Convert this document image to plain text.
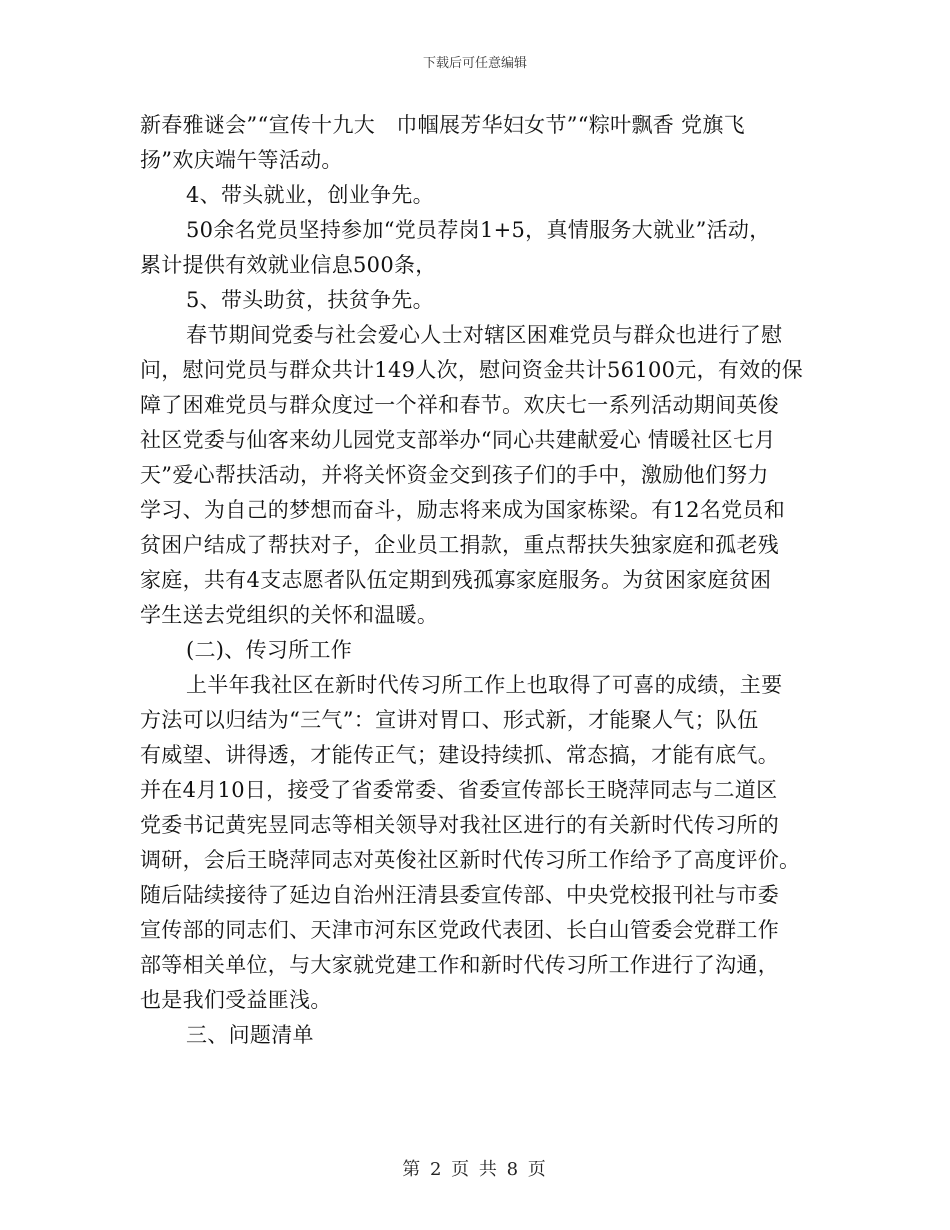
下载后可任意编辑
新春雅谜会”“宣传十九大　巾帼展芳华妇女节”“粽叶飘香 党旗飞
扬”欢庆端午等活动。
4、带头就业，创业争先。
50余名党员坚持参加“党员荐岗1+5，真情服务大就业”活动，
累计提供有效就业信息500条，
5、带头助贫，扶贫争先。
春节期间党委与社会爱心人士对辖区困难党员与群众也进行了慰
问，慰问党员与群众共计149人次，慰问资金共计56100元，有效的保
障了困难党员与群众度过一个祥和春节。欢庆七一系列活动期间英俊
社区党委与仙客来幼儿园党支部举办“同心共建献爱心 情暖社区七月
天”爱心帮扶活动，并将关怀资金交到孩子们的手中，激励他们努力
学习、为自己的梦想而奋斗，励志将来成为国家栋梁。有12名党员和
贫困户结成了帮扶对子，企业员工捐款，重点帮扶失独家庭和孤老残
家庭，共有4支志愿者队伍定期到残孤寡家庭服务。为贫困家庭贫困
学生送去党组织的关怀和温暖。
(二)、传习所工作
上半年我社区在新时代传习所工作上也取得了可喜的成绩，主要
方法可以归结为“三气”：宣讲对胃口、形式新，才能聚人气；队伍
有威望、讲得透，才能传正气；建设持续抓、常态搞，才能有底气。
并在4月10日，接受了省委常委、省委宣传部长王晓萍同志与二道区
党委书记黄宪昱同志等相关领导对我社区进行的有关新时代传习所的
调研，会后王晓萍同志对英俊社区新时代传习所工作给予了高度评价。
随后陆续接待了延边自治州汪清县委宣传部、中央党校报刊社与市委
宣传部的同志们、天津市河东区党政代表团、长白山管委会党群工作
部等相关单位，与大家就党建工作和新时代传习所工作进行了沟通，
也是我们受益匪浅。
三、问题清单
第 2 页 共 8 页
